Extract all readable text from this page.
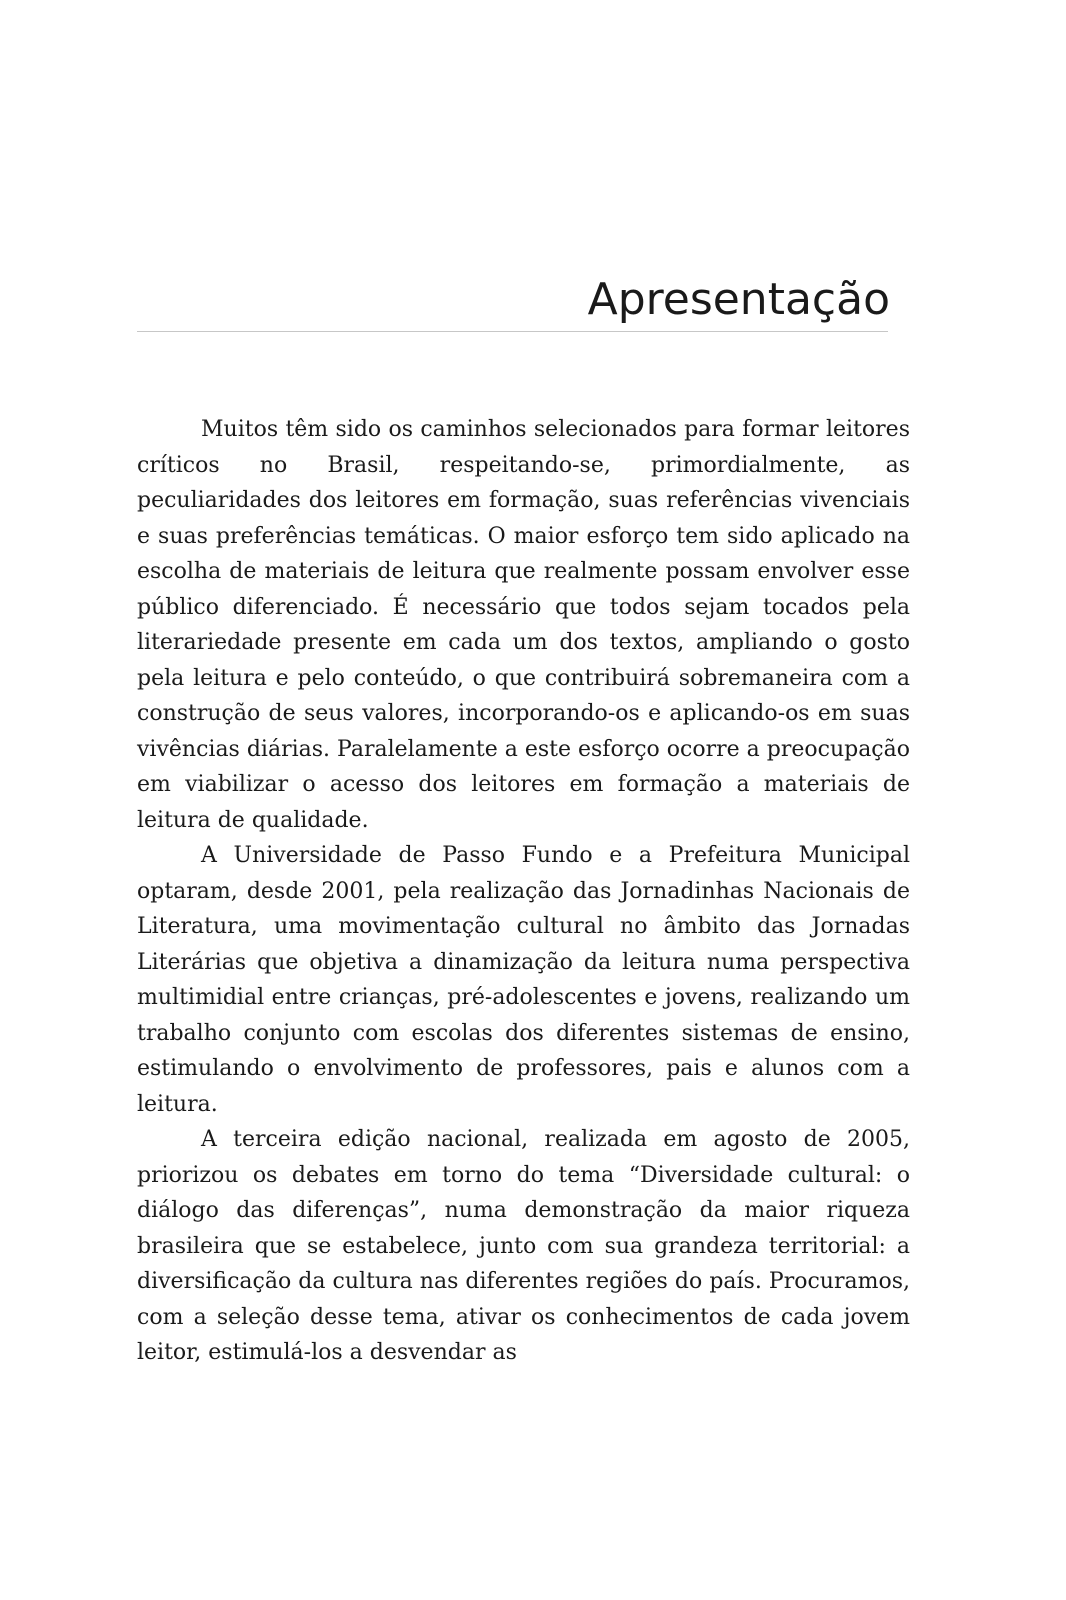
Apresentação

Muitos têm sido os caminhos selecionados para formar leitores críticos no Brasil, respeitando-se, primordialmente, as peculiaridades dos leitores em formação, suas referências vivenciais e suas preferências temáticas. O maior esforço tem sido aplicado na escolha de materiais de leitura que realmente possam envolver esse público diferenciado. É necessário que todos sejam tocados pela literariedade presente em cada um dos textos, ampliando o gosto pela leitura e pelo conteúdo, o que contribuirá sobremaneira com a construção de seus valores, incorporando-os e aplicando-os em suas vivências diárias. Paralelamente a este esforço ocorre a preocupação em viabilizar o acesso dos leitores em formação a materiais de leitura de qualidade.

A Universidade de Passo Fundo e a Prefeitura Municipal optaram, desde 2001, pela realização das Jornadinhas Nacionais de Literatura, uma movimentação cultural no âmbito das Jornadas Literárias que objetiva a dinamização da leitura numa perspectiva multimidial entre crianças, pré-adolescentes e jovens, realizando um trabalho conjunto com escolas dos diferentes sistemas de ensino, estimulando o envolvimento de professores, pais e alunos com a leitura.

A terceira edição nacional, realizada em agosto de 2005, priorizou os debates em torno do tema “Diversidade cultural: o diálogo das diferenças”, numa demonstração da maior riqueza brasileira que se estabelece, junto com sua grandeza territorial: a diversificação da cultura nas diferentes regiões do país. Procuramos, com a seleção desse tema, ativar os conhecimentos de cada jovem leitor, estimulá-los a desvendar as
